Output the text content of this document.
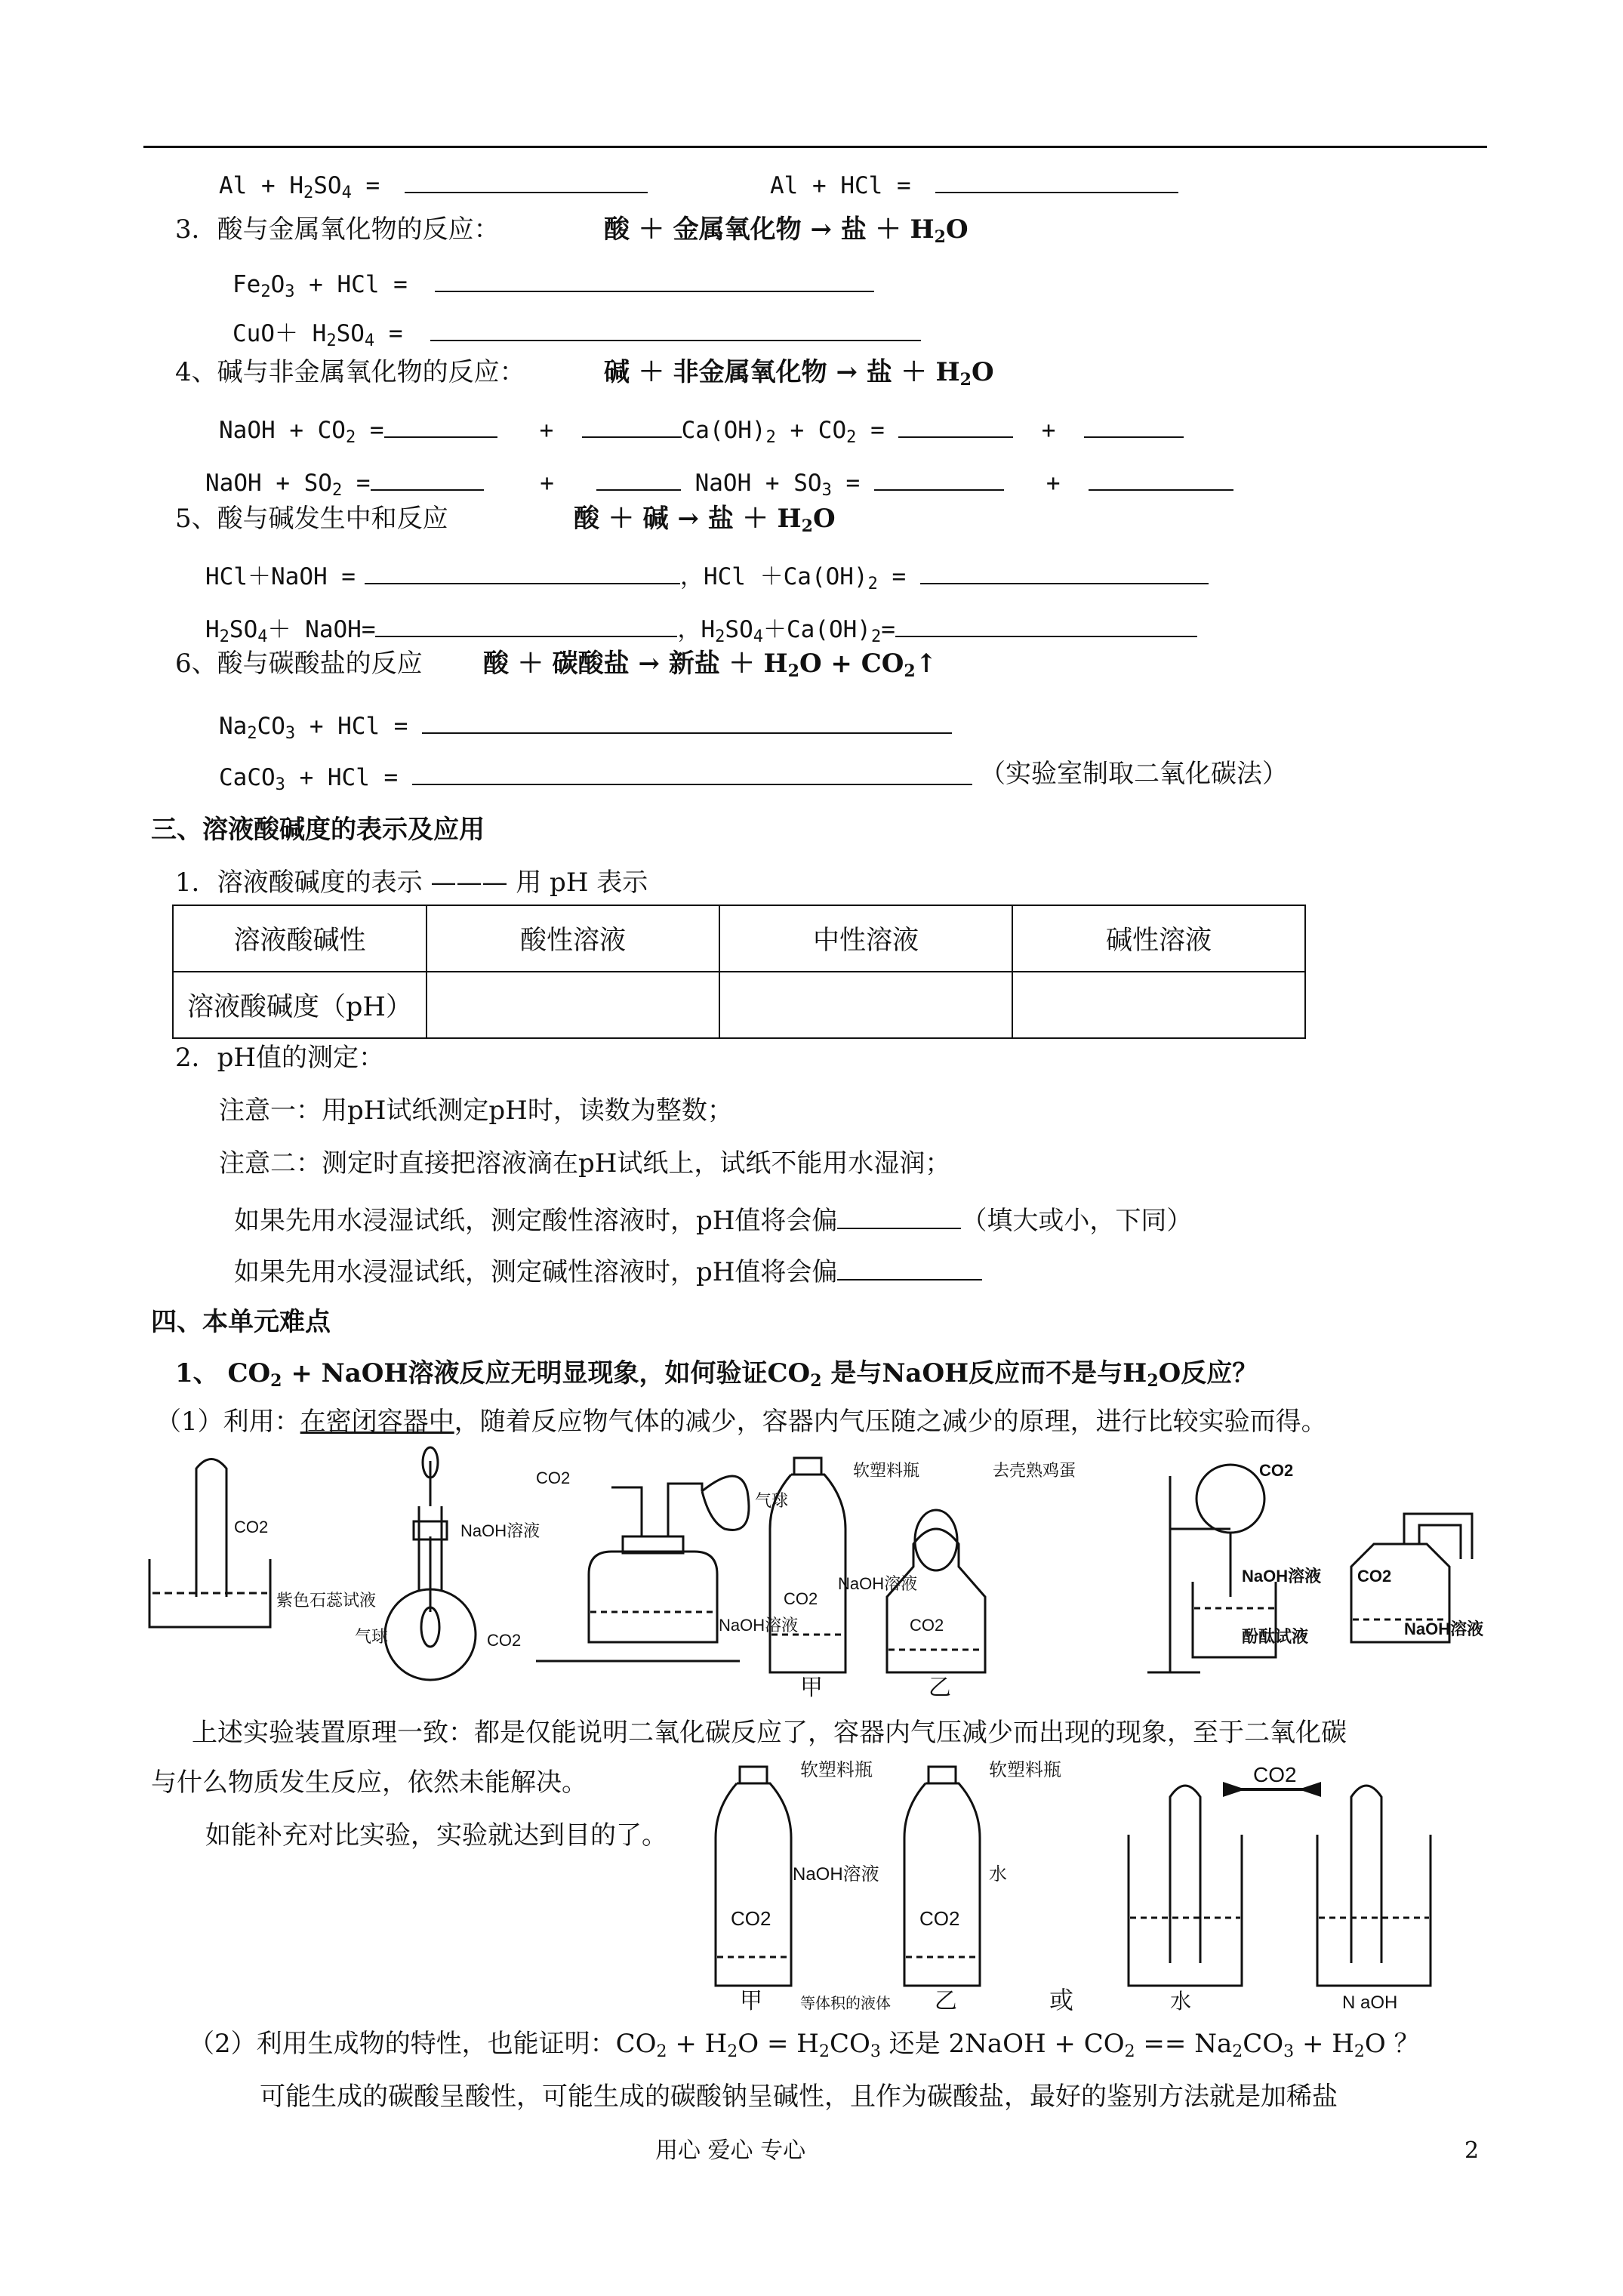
$Al + H_2SO_4$ =	Al + HCl =
3．酸与金属氧化物的反应：	酸 ＋ 金属氧化物 → 盐 ＋ $H_2O$
$Fe_2O_3$ + HCl =
$CuO+ H_2SO_4$ =
4、碱与非金属氧化物的反应：	碱 ＋ 非金属氧化物 → 盐 ＋ $H_2O$
NaOH + $CO_2$ =	+	$Ca(OH)_2 + CO_2$ =	+
NaOH + $SO_2$ =	+	NaOH + $SO_3$ =	+
5、酸与碱发生中和反应	酸 ＋ 碱 → 盐 ＋ $H_2O$
HCl＋NaOH =	，HCl $+Ca(OH)_2$ =
$H_2SO_4+$ NaOH=	，$H_2SO_4+Ca(OH)_2=$
6、酸与碳酸盐的反应 酸 ＋ 碳酸盐 → 新盐 ＋ $H_2O$ + $CO_2↑$
$Na_2CO_3$ + HCl =
CaCO$_3$ + HCl =	（实验室制取二氧化碳法）
三、溶液酸碱度的表示及应用
1．溶液酸碱度的表示 ——— 用 pH 表示
溶液酸碱性	酸性溶液	中性溶液	碱性溶液
溶液酸碱度（pH）			
2．pH值的测定：
注意一：用pH试纸测定pH时，读数为整数；
注意二：测定时直接把溶液滴在pH试纸上，试纸不能用水湿润；
如果先用水浸湿试纸，测定酸性溶液时，pH值将会偏	（填大或小，下同）
如果先用水浸湿试纸，测定碱性溶液时，pH值将会偏
四、本单元难点
1、 $CO_2$ + NaOH溶液反应无明显现象，如何验证$CO_2$ 是与NaOH反应而不是与$H_2O$反应？
（1）利用：在密闭容器中，随着反应物气体的减少，容器内气压随之减少的原理，进行比较实验而得。
CO2
紫色石蕊试液
NaOH溶液
气球	CO2
CO2
气球
NaOH溶液
软塑料瓶
CO2
NaOH溶液
甲
去壳熟鸡蛋
CO2
乙
CO2
NaOH溶液
酚酞试液
CO2
NaOH溶液
上述实验装置原理一致：都是仅能说明二氧化碳反应了，容器内气压减少而出现的现象，至于二氧化碳
与什么物质发生反应，依然未能解决。
如能补充对比实验，实验就达到目的了。
软塑料瓶
CO2
NaOH溶液
甲
软塑料瓶
CO2
水
乙
等体积的液体	或
CO2
水	N aOH
（2）利用生成物的特性，也能证明：$CO_2 + H_2O = H_2CO_3$ 还是 2NaOH + $CO_2 == Na_2CO_3 + H_2O$ ？
可能生成的碳酸呈酸性，可能生成的碳酸钠呈碱性，且作为碳酸盐，最好的鉴别方法就是加稀盐
用心 爱心 专心	2
